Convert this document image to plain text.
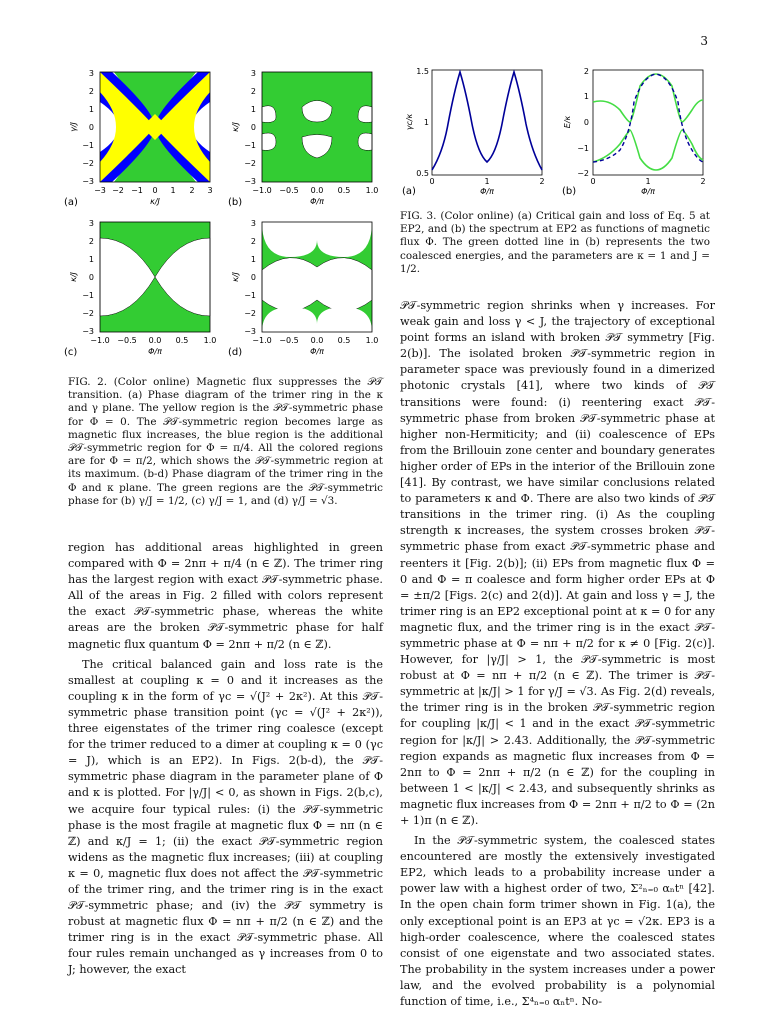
3
3
2
1
0
−1
−2
−3
−3 −2 −1 0 1 2 3
κ/J
γ/J
(a)
3
2
1
0
−1
−2
−3
−1.0 −0.5 0.0 0.5 1.0
Φ/π
κ/J
(b)
3
2
1
0
−1
−2
−3
−1.0 −0.5 0.0 0.5 1.0
Φ/π
κ/J
(c)
3
2
1
0
−1
−2
−3
−1.0 −0.5 0.0 0.5 1.0
Φ/π
κ/J
(d)
FIG. 2. (Color online) Magnetic flux suppresses the 𝒫𝒯 transition. (a) Phase diagram of the trimer ring in the κ and γ plane. The yellow region is the 𝒫𝒯-symmetric phase for Φ = 0. The 𝒫𝒯-symmetric region becomes large as magnetic flux increases, the blue region is the additional 𝒫𝒯-symmetric region for Φ = π/4. All the colored regions are for Φ = π/2, which shows the 𝒫𝒯-symmetric region at its maximum. (b-d) Phase diagram of the trimer ring in the Φ and κ plane. The green regions are the 𝒫𝒯-symmetric phase for (b) γ/J = 1/2, (c) γ/J = 1, and (d) γ/J = √3.
1.5
1
0.5
0	1	2
Φ/π
γc/κ
(a)
2
1
0
−1
−2
0	1	2
Φ/π
E/κ
(b)
FIG. 3. (Color online) (a) Critical gain and loss of Eq. 5 at EP2, and (b) the spectrum at EP2 as functions of magnetic flux Φ. The green dotted line in (b) represents the two coalesced energies, and the parameters are κ = 1 and J = 1/2.

region has additional areas highlighted in green compared with Φ = 2nπ + π/4 (n ∈ ℤ). The trimer ring has the largest region with exact 𝒫𝒯-symmetric phase. All of the areas in Fig. 2 filled with colors represent the exact 𝒫𝒯-symmetric phase, whereas the white areas are the broken 𝒫𝒯-symmetric phase for half magnetic flux quantum Φ = 2nπ + π/2 (n ∈ ℤ).

The critical balanced gain and loss rate is the smallest at coupling κ = 0 and it increases as the coupling κ in the form of γc = √(J² + 2κ²). At this 𝒫𝒯-symmetric phase transition point (γc = √(J² + 2κ²)), three eigenstates of the trimer ring coalesce (except for the trimer reduced to a dimer at coupling κ = 0 (γc = J), which is an EP2). In Figs. 2(b-d), the 𝒫𝒯-symmetric phase diagram in the parameter plane of Φ and κ is plotted. For |γ/J| < 0, as shown in Figs. 2(b,c), we acquire four typical rules: (i) the 𝒫𝒯-symmetric phase is the most fragile at magnetic flux Φ = nπ (n ∈ ℤ) and κ/J = 1; (ii) the exact 𝒫𝒯-symmetric region widens as the magnetic flux increases; (iii) at coupling κ = 0, magnetic flux does not affect the 𝒫𝒯-symmetric of the trimer ring, and the trimer ring is in the exact 𝒫𝒯-symmetric phase; and (iv) the 𝒫𝒯 symmetry is robust at magnetic flux Φ = nπ + π/2 (n ∈ ℤ) and the trimer ring is in the exact 𝒫𝒯-symmetric phase. All four rules remain unchanged as γ increases from 0 to J; however, the exact

𝒫𝒯-symmetric region shrinks when γ increases. For weak gain and loss γ < J, the trajectory of exceptional point forms an island with broken 𝒫𝒯 symmetry [Fig. 2(b)]. The isolated broken 𝒫𝒯-symmetric region in parameter space was previously found in a dimerized photonic crystals [41], where two kinds of 𝒫𝒯 transitions were found: (i) reentering exact 𝒫𝒯-symmetric phase from broken 𝒫𝒯-symmetric phase at higher non-Hermiticity; and (ii) coalescence of EPs from the Brillouin zone center and boundary generates higher order of EPs in the interior of the Brillouin zone [41]. By contrast, we have similar conclusions related to parameters κ and Φ. There are also two kinds of 𝒫𝒯 transitions in the trimer ring. (i) As the coupling strength κ increases, the system crosses broken 𝒫𝒯-symmetric phase from exact 𝒫𝒯-symmetric phase and reenters it [Fig. 2(b)]; (ii) EPs from magnetic flux Φ = 0 and Φ = π coalesce and form higher order EPs at Φ = ±π/2 [Figs. 2(c) and 2(d)]. At gain and loss γ = J, the trimer ring is an EP2 exceptional point at κ = 0 for any magnetic flux, and the trimer ring is in the exact 𝒫𝒯-symmetric phase at Φ = nπ + π/2 for κ ≠ 0 [Fig. 2(c)]. However, for |γ/J| > 1, the 𝒫𝒯-symmetric is most robust at Φ = nπ + π/2 (n ∈ ℤ). The trimer is 𝒫𝒯-symmetric at |κ/J| > 1 for γ/J = √3. As Fig. 2(d) reveals, the trimer ring is in the broken 𝒫𝒯-symmetric region for coupling |κ/J| < 1 and in the exact 𝒫𝒯-symmetric region for |κ/J| > 2.43. Additionally, the 𝒫𝒯-symmetric region expands as magnetic flux increases from Φ = 2nπ to Φ = 2nπ + π/2 (n ∈ ℤ) for the coupling in between 1 < |κ/J| < 2.43, and subsequently shrinks as magnetic flux increases from Φ = 2nπ + π/2 to Φ = (2n + 1)π (n ∈ ℤ).

In the 𝒫𝒯-symmetric system, the coalesced states encountered are mostly the extensively investigated EP2, which leads to a probability increase under a power law with a highest order of two, Σ²ₙ₌₀ αₙtⁿ [42]. In the open chain form trimer shown in Fig. 1(a), the only exceptional point is an EP3 at γc = √2κ. EP3 is a high-order coalescence, where the coalesced states consist of one eigenstate and two associated states. The probability in the system increases under a power law, and the evolved probability is a polynomial function of time, i.e., Σ⁴ₙ₌₀ αₙtⁿ. No-
